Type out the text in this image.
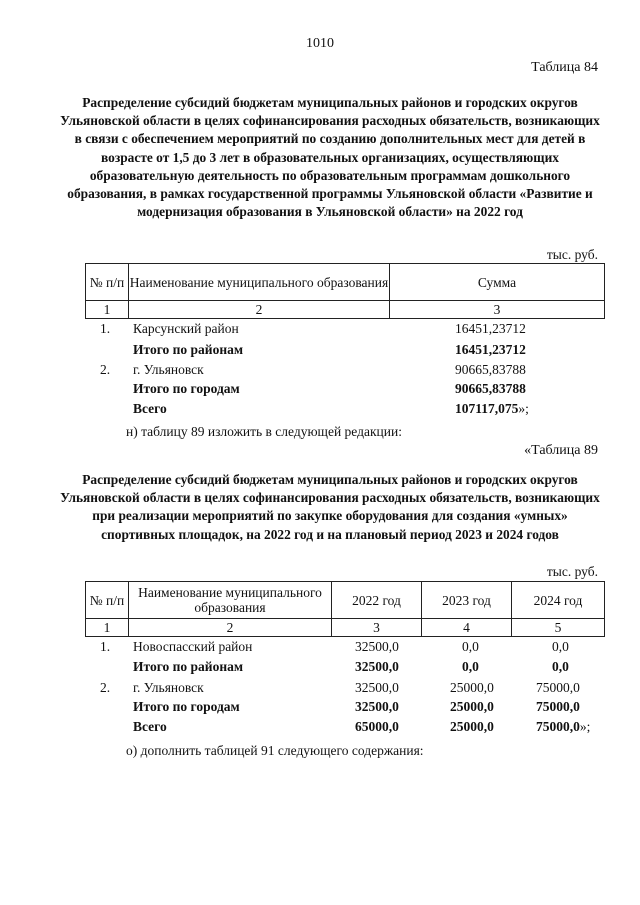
1010
Таблица 84
Распределение субсидий бюджетам муниципальных районов и городских округов Ульяновской области в целях софинансирования расходных обязательств, возникающих в связи с обеспечением мероприятий по созданию дополнительных мест для детей в возрасте от 1,5 до 3 лет в образовательных организациях, осуществляющих образовательную деятельность по образовательным программам дошкольного образования, в рамках государственной программы Ульяновской области «Развитие и модернизация образования в Ульяновской области» на 2022 год
тыс. руб.
№ п/п	Наименование муниципального образования	Сумма
1	2	3
1. Карсунский район	16451,23712
Итого по районам	16451,23712
2. г. Ульяновск	90665,83788
Итого по городам	90665,83788
Всего	107117,075»;
н) таблицу 89 изложить в следующей редакции:
«Таблица 89
Распределение субсидий бюджетам муниципальных районов и городских округов Ульяновской области в целях софинансирования расходных обязательств, возникающих при реализации мероприятий по закупке оборудования для создания «умных» спортивных площадок, на 2022 год и на плановый период 2023 и 2024 годов
тыс. руб.
№ п/п	Наименование муниципального образования	2022 год	2023 год	2024 год
1	2	3	4	5
1. Новоспасский район	32500,0	0,0	0,0
Итого по районам	32500,0	0,0	0,0
2. г. Ульяновск	32500,0	25000,0	75000,0
Итого по городам	32500,0	25000,0	75000,0
Всего	65000,0	25000,0	75000,0»;
о) дополнить таблицей 91 следующего содержания:
